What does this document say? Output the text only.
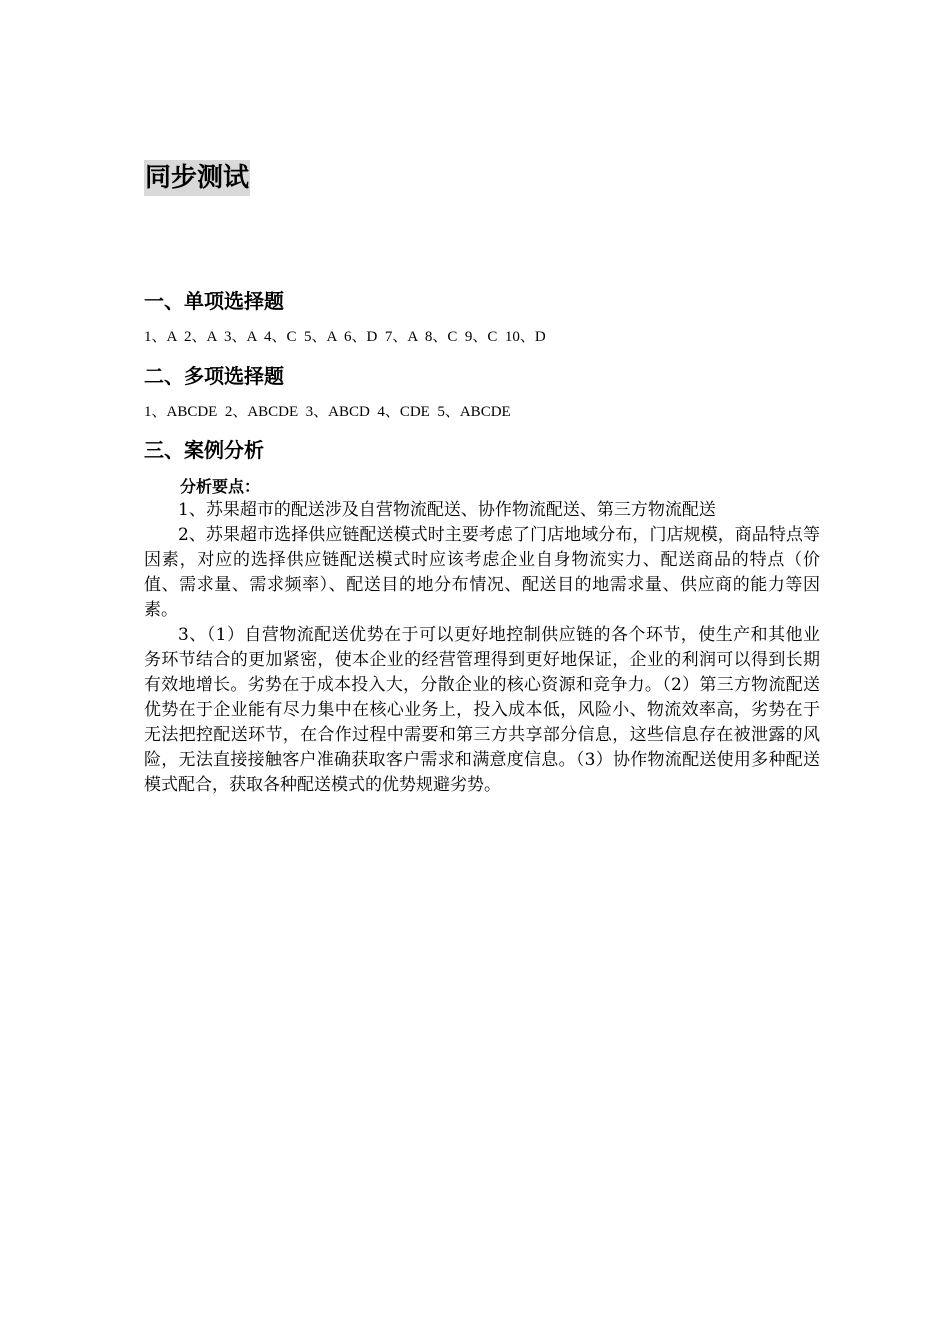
同步测试
一、单项选择题
1、A  2、A  3、A  4、C  5、A  6、D  7、A  8、C  9、C  10、D
二、多项选择题
1、ABCDE  2、ABCDE  3、ABCD  4、CDE  5、ABCDE
三、案例分析
分析要点：

1、苏果超市的配送涉及自营物流配送、协作物流配送、第三方物流配送

2、苏果超市选择供应链配送模式时主要考虑了门店地域分布，门店规模，商品特点等因素，对应的选择供应链配送模式时应该考虑企业自身物流实力、配送商品的特点（价值、需求量、需求频率）、配送目的地分布情况、配送目的地需求量、供应商的能力等因素。

3、（1）自营物流配送优势在于可以更好地控制供应链的各个环节，使生产和其他业务环节结合的更加紧密，使本企业的经营管理得到更好地保证，企业的利润可以得到长期有效地增长。劣势在于成本投入大，分散企业的核心资源和竞争力。（2）第三方物流配送优势在于企业能有尽力集中在核心业务上，投入成本低，风险小、物流效率高，劣势在于无法把控配送环节，在合作过程中需要和第三方共享部分信息，这些信息存在被泄露的风险，无法直接接触客户准确获取客户需求和满意度信息。（3）协作物流配送使用多种配送模式配合，获取各种配送模式的优势规避劣势。
